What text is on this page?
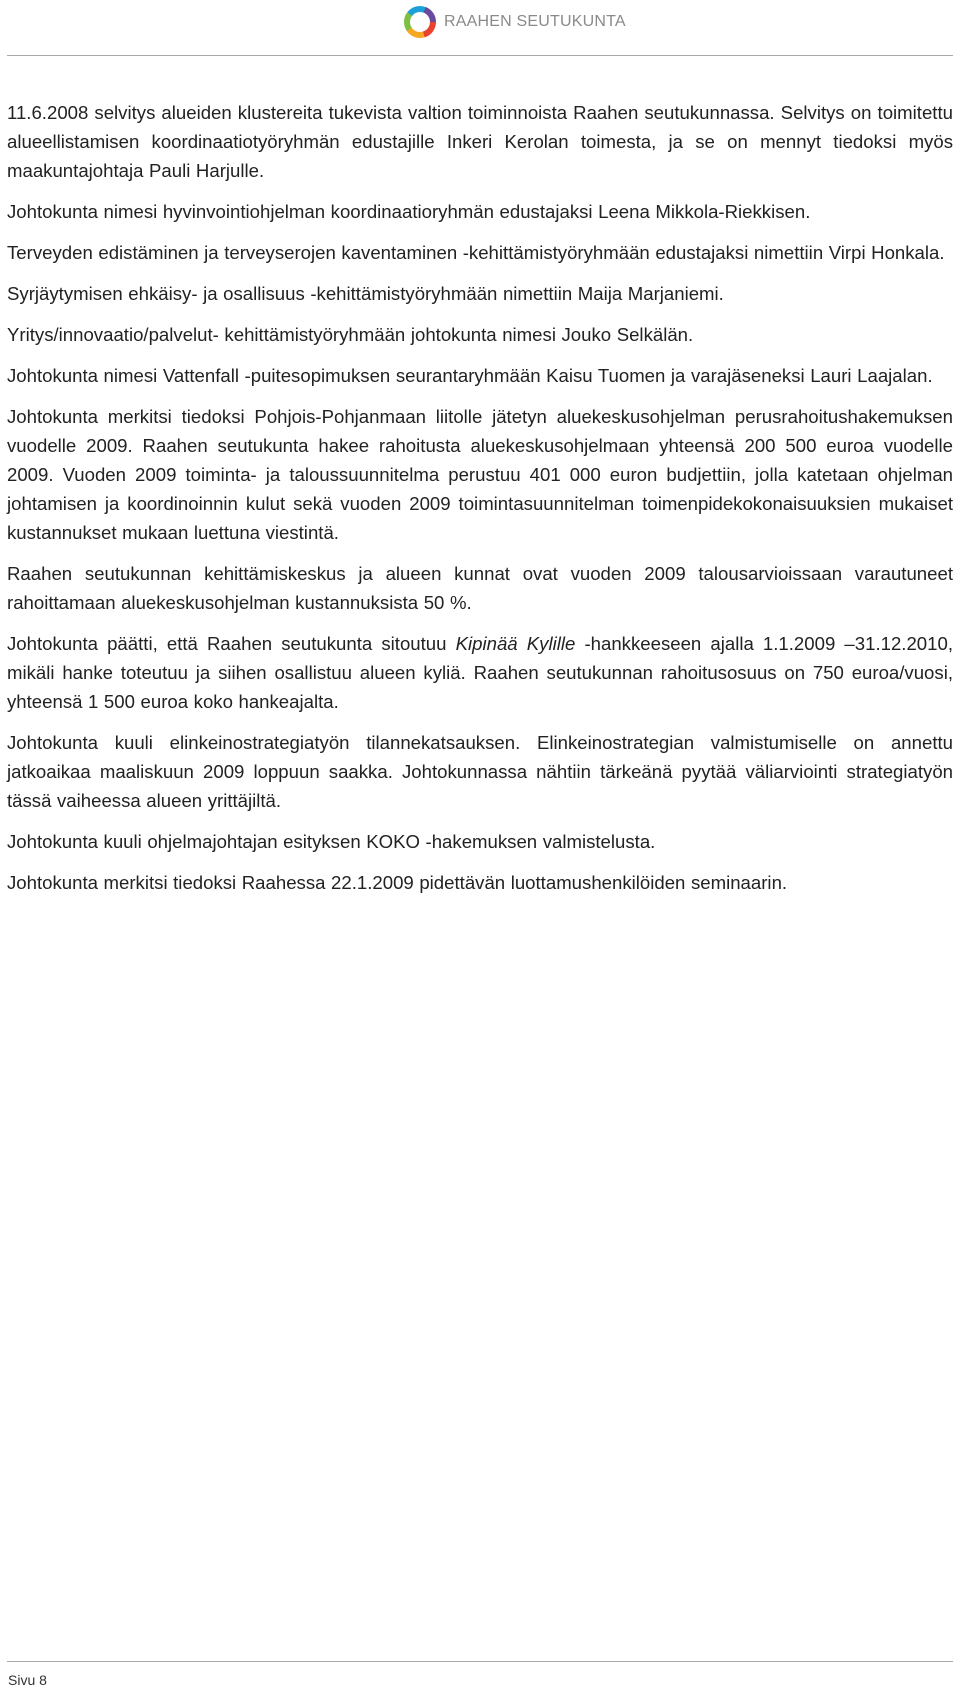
RAAHEN SEUTUKUNTA

11.6.2008 selvitys alueiden klustereita tukevista valtion toiminnoista Raahen seutukunnassa. Selvitys on toimitettu alueellistamisen koordinaatiotyöryhmän edustajille Inkeri Kerolan toimesta, ja se on mennyt tiedoksi myös maakuntajohtaja Pauli Harjulle.

Johtokunta nimesi hyvinvointiohjelman koordinaatioryhmän edustajaksi Leena Mikkola-Riekkisen.

Terveyden edistäminen ja terveyserojen kaventaminen -kehittämistyöryhmään edustajaksi nimettiin Virpi Honkala.

Syrjäytymisen ehkäisy- ja osallisuus -kehittämistyöryhmään nimettiin Maija Marjaniemi.

Yritys/innovaatio/palvelut- kehittämistyöryhmään johtokunta nimesi Jouko Selkälän.

Johtokunta nimesi Vattenfall -puitesopimuksen seurantaryhmään Kaisu Tuomen ja varajäseneksi Lauri Laajalan.

Johtokunta merkitsi tiedoksi Pohjois-Pohjanmaan liitolle jätetyn aluekeskusohjelman perusrahoitushakemuksen vuodelle 2009. Raahen seutukunta hakee rahoitusta aluekeskusohjelmaan yhteensä 200 500 euroa vuodelle 2009. Vuoden 2009 toiminta- ja taloussuunnitelma perustuu 401 000 euron budjettiin, jolla katetaan ohjelman johtamisen ja koordinoinnin kulut sekä vuoden 2009 toimintasuunnitelman toimenpidekokonaisuuksien mukaiset kustannukset mukaan luettuna viestintä.

Raahen seutukunnan kehittämiskeskus ja alueen kunnat ovat vuoden 2009 talousarvioissaan varautuneet rahoittamaan aluekeskusohjelman kustannuksista 50 %.

Johtokunta päätti, että Raahen seutukunta sitoutuu Kipinää Kylille -hankkeeseen ajalla 1.1.2009 –31.12.2010, mikäli hanke toteutuu ja siihen osallistuu alueen kyliä. Raahen seutukunnan rahoitusosuus on 750 euroa/vuosi, yhteensä 1 500 euroa koko hankeajalta.

Johtokunta kuuli elinkeinostrategiatyön tilannekatsauksen. Elinkeinostrategian valmistumiselle on annettu jatkoaikaa maaliskuun 2009 loppuun saakka. Johtokunnassa nähtiin tärkeänä pyytää väliarviointi strategiatyön tässä vaiheessa alueen yrittäjiltä.

Johtokunta kuuli ohjelmajohtajan esityksen KOKO -hakemuksen valmistelusta.

Johtokunta merkitsi tiedoksi Raahessa 22.1.2009 pidettävän luottamushenkilöiden seminaarin.

Sivu 8
